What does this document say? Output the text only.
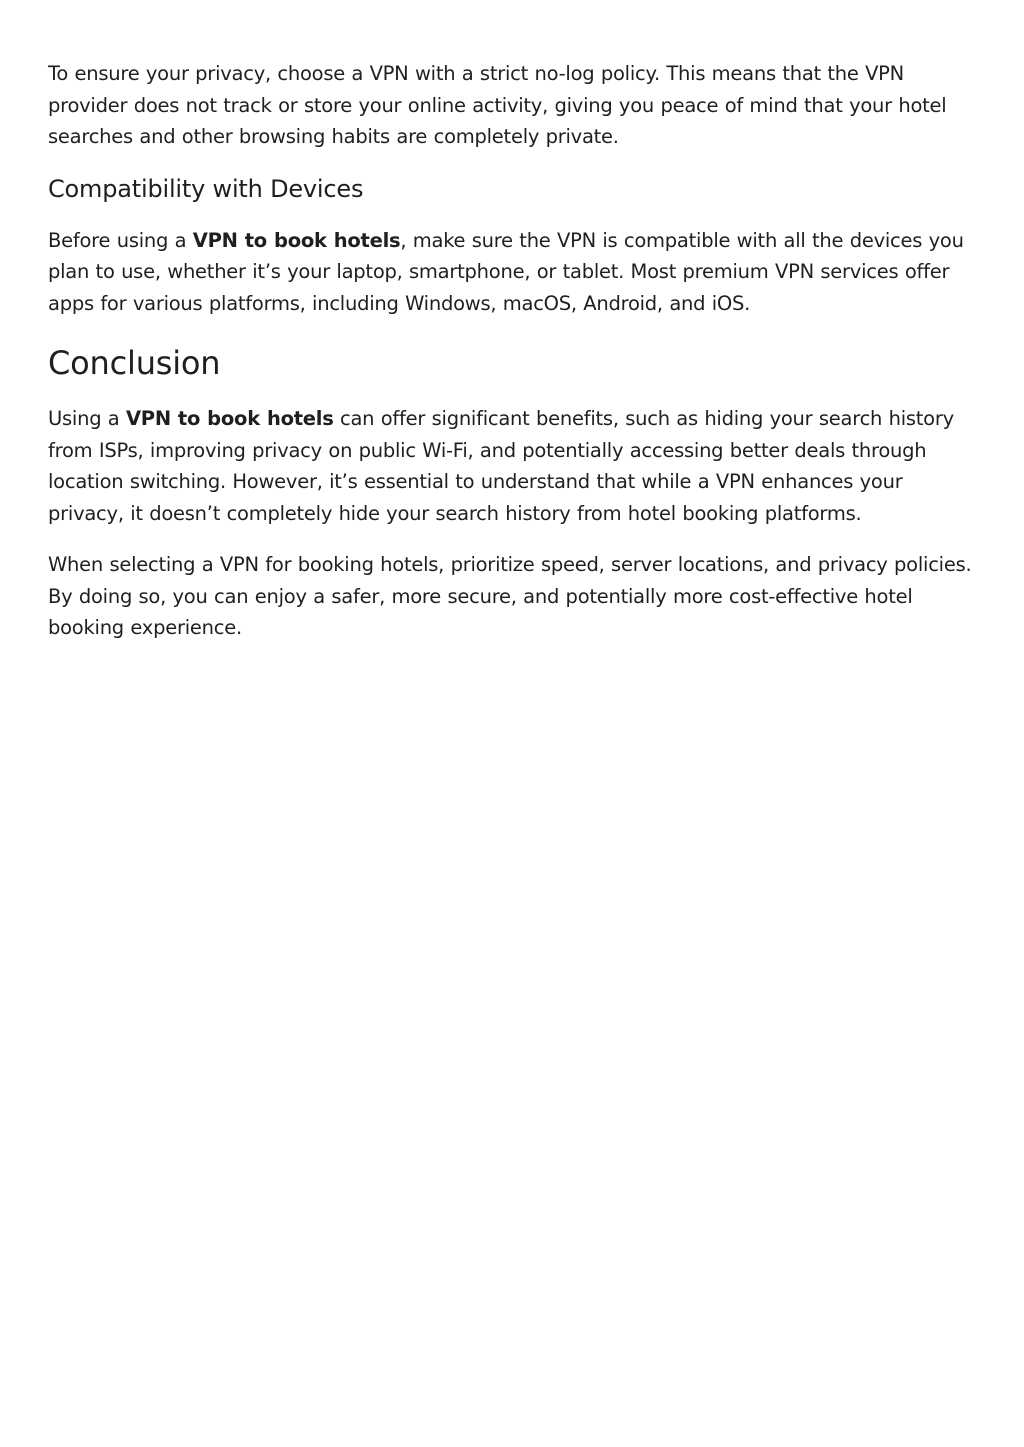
To ensure your privacy, choose a VPN with a strict no-log policy. This means that the VPN provider does not track or store your online activity, giving you peace of mind that your hotel searches and other browsing habits are completely private.

Compatibility with Devices

Before using a VPN to book hotels, make sure the VPN is compatible with all the devices you plan to use, whether it’s your laptop, smartphone, or tablet. Most premium VPN services offer apps for various platforms, including Windows, macOS, Android, and iOS.

Conclusion

Using a VPN to book hotels can offer significant benefits, such as hiding your search history from ISPs, improving privacy on public Wi-Fi, and potentially accessing better deals through location switching. However, it’s essential to understand that while a VPN enhances your privacy, it doesn’t completely hide your search history from hotel booking platforms.

When selecting a VPN for booking hotels, prioritize speed, server locations, and privacy policies. By doing so, you can enjoy a safer, more secure, and potentially more cost-effective hotel booking experience.
